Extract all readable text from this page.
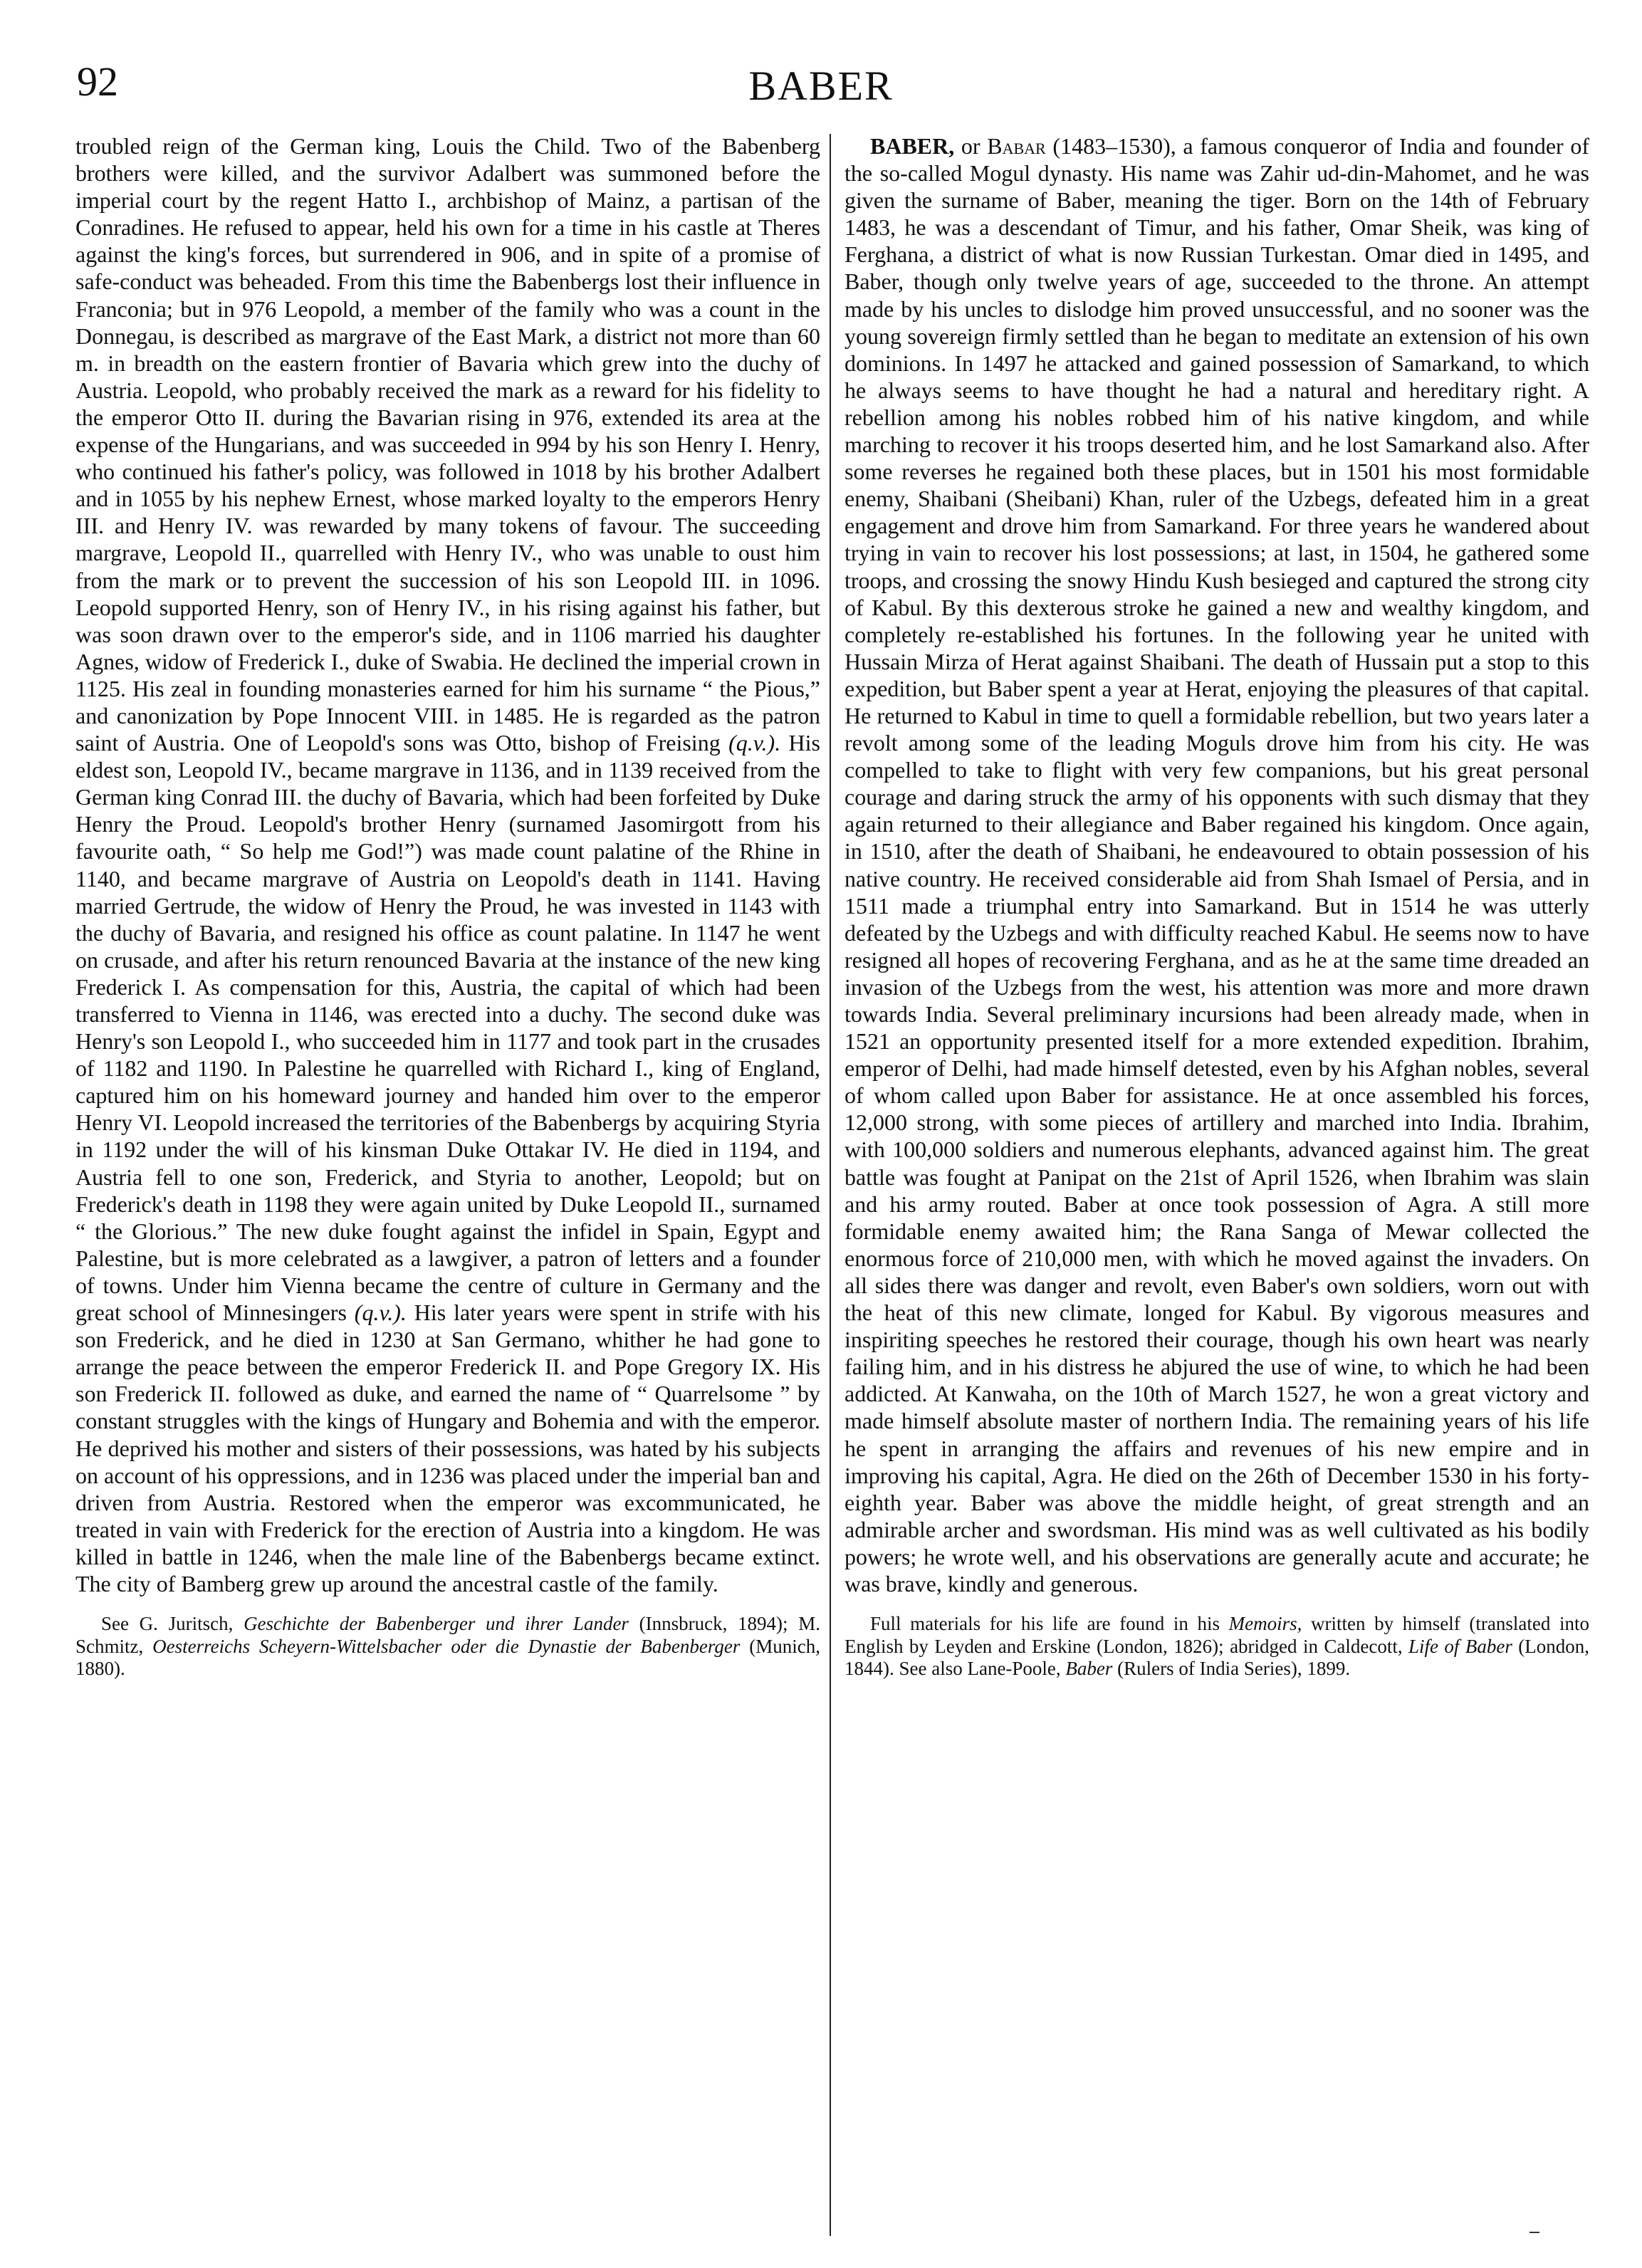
92	BABER

troubled reign of the German king, Louis the Child. Two of the Babenberg brothers were killed, and the survivor Adalbert was summoned before the imperial court by the regent Hatto I., archbishop of Mainz, a partisan of the Conradines. He refused to appear, held his own for a time in his castle at Theres against the king's forces, but surrendered in 906, and in spite of a promise of safe-conduct was beheaded. From this time the Babenbergs lost their influence in Franconia; but in 976 Leopold, a member of the family who was a count in the Donnegau, is described as margrave of the East Mark, a district not more than 60 m. in breadth on the eastern frontier of Bavaria which grew into the duchy of Austria. Leopold, who probably received the mark as a reward for his fidelity to the emperor Otto II. during the Bavarian rising in 976, extended its area at the expense of the Hungarians, and was succeeded in 994 by his son Henry I. Henry, who continued his father's policy, was followed in 1018 by his brother Adalbert and in 1055 by his nephew Ernest, whose marked loyalty to the emperors Henry III. and Henry IV. was rewarded by many tokens of favour. The succeeding margrave, Leopold II., quarrelled with Henry IV., who was unable to oust him from the mark or to prevent the succession of his son Leopold III. in 1096. Leopold supported Henry, son of Henry IV., in his rising against his father, but was soon drawn over to the emperor's side, and in 1106 married his daughter Agnes, widow of Frederick I., duke of Swabia. He declined the imperial crown in 1125. His zeal in founding monasteries earned for him his surname “ the Pious,” and canonization by Pope Innocent VIII. in 1485. He is regarded as the patron saint of Austria. One of Leopold's sons was Otto, bishop of Freising (q.v.). His eldest son, Leopold IV., became margrave in 1136, and in 1139 received from the German king Conrad III. the duchy of Bavaria, which had been forfeited by Duke Henry the Proud. Leopold's brother Henry (surnamed Jasomirgott from his favourite oath, “ So help me God!”) was made count palatine of the Rhine in 1140, and became margrave of Austria on Leopold's death in 1141. Having married Gertrude, the widow of Henry the Proud, he was invested in 1143 with the duchy of Bavaria, and resigned his office as count palatine. In 1147 he went on crusade, and after his return renounced Bavaria at the instance of the new king Frederick I. As compensation for this, Austria, the capital of which had been transferred to Vienna in 1146, was erected into a duchy. The second duke was Henry's son Leopold I., who succeeded him in 1177 and took part in the crusades of 1182 and 1190. In Palestine he quarrelled with Richard I., king of England, captured him on his homeward journey and handed him over to the emperor Henry VI. Leopold increased the territories of the Babenbergs by acquiring Styria in 1192 under the will of his kinsman Duke Ottakar IV. He died in 1194, and Austria fell to one son, Frederick, and Styria to another, Leopold; but on Frederick's death in 1198 they were again united by Duke Leopold II., surnamed “ the Glorious.” The new duke fought against the infidel in Spain, Egypt and Palestine, but is more celebrated as a lawgiver, a patron of letters and a founder of towns. Under him Vienna became the centre of culture in Germany and the great school of Minnesingers (q.v.). His later years were spent in strife with his son Frederick, and he died in 1230 at San Germano, whither he had gone to arrange the peace between the emperor Frederick II. and Pope Gregory IX. His son Frederick II. followed as duke, and earned the name of “ Quarrelsome ” by constant struggles with the kings of Hungary and Bohemia and with the emperor. He deprived his mother and sisters of their possessions, was hated by his subjects on account of his oppressions, and in 1236 was placed under the imperial ban and driven from Austria. Restored when the emperor was excommunicated, he treated in vain with Frederick for the erection of Austria into a kingdom. He was killed in battle in 1246, when the male line of the Babenbergs became extinct. The city of Bamberg grew up around the ancestral castle of the family.

See G. Juritsch, Geschichte der Babenberger und ihrer Lander (Innsbruck, 1894); M. Schmitz, Oesterreichs Scheyern-Wittelsbacher oder die Dynastie der Babenberger (Munich, 1880).

BABER, or Babar (1483–1530), a famous conqueror of India and founder of the so-called Mogul dynasty. His name was Zahir ud-din-Mahomet, and he was given the surname of Baber, meaning the tiger. Born on the 14th of February 1483, he was a descendant of Timur, and his father, Omar Sheik, was king of Ferghana, a district of what is now Russian Turkestan. Omar died in 1495, and Baber, though only twelve years of age, succeeded to the throne. An attempt made by his uncles to dislodge him proved unsuccessful, and no sooner was the young sovereign firmly settled than he began to meditate an extension of his own dominions. In 1497 he attacked and gained possession of Samarkand, to which he always seems to have thought he had a natural and hereditary right. A rebellion among his nobles robbed him of his native kingdom, and while marching to recover it his troops deserted him, and he lost Samarkand also. After some reverses he regained both these places, but in 1501 his most formidable enemy, Shaibani (Sheibani) Khan, ruler of the Uzbegs, defeated him in a great engagement and drove him from Samarkand. For three years he wandered about trying in vain to recover his lost possessions; at last, in 1504, he gathered some troops, and crossing the snowy Hindu Kush besieged and captured the strong city of Kabul. By this dexterous stroke he gained a new and wealthy kingdom, and completely re-established his fortunes. In the following year he united with Hussain Mirza of Herat against Shaibani. The death of Hussain put a stop to this expedition, but Baber spent a year at Herat, enjoying the pleasures of that capital. He returned to Kabul in time to quell a formidable rebellion, but two years later a revolt among some of the leading Moguls drove him from his city. He was compelled to take to flight with very few companions, but his great personal courage and daring struck the army of his opponents with such dismay that they again returned to their allegiance and Baber regained his kingdom. Once again, in 1510, after the death of Shaibani, he endeavoured to obtain possession of his native country. He received considerable aid from Shah Ismael of Persia, and in 1511 made a triumphal entry into Samarkand. But in 1514 he was utterly defeated by the Uzbegs and with difficulty reached Kabul. He seems now to have resigned all hopes of recovering Ferghana, and as he at the same time dreaded an invasion of the Uzbegs from the west, his attention was more and more drawn towards India. Several preliminary incursions had been already made, when in 1521 an opportunity presented itself for a more extended expedition. Ibrahim, emperor of Delhi, had made himself detested, even by his Afghan nobles, several of whom called upon Baber for assistance. He at once assembled his forces, 12,000 strong, with some pieces of artillery and marched into India. Ibrahim, with 100,000 soldiers and numerous elephants, advanced against him. The great battle was fought at Panipat on the 21st of April 1526, when Ibrahim was slain and his army routed. Baber at once took possession of Agra. A still more formidable enemy awaited him; the Rana Sanga of Mewar collected the enormous force of 210,000 men, with which he moved against the invaders. On all sides there was danger and revolt, even Baber's own soldiers, worn out with the heat of this new climate, longed for Kabul. By vigorous measures and inspiriting speeches he restored their courage, though his own heart was nearly failing him, and in his distress he abjured the use of wine, to which he had been addicted. At Kanwaha, on the 10th of March 1527, he won a great victory and made himself absolute master of northern India. The remaining years of his life he spent in arranging the affairs and revenues of his new empire and in improving his capital, Agra. He died on the 26th of December 1530 in his forty-eighth year. Baber was above the middle height, of great strength and an admirable archer and swordsman. His mind was as well cultivated as his bodily powers; he wrote well, and his observations are generally acute and accurate; he was brave, kindly and generous.

Full materials for his life are found in his Memoirs, written by himself (translated into English by Leyden and Erskine (London, 1826); abridged in Caldecott, Life of Baber (London, 1844). See also Lane-Poole, Baber (Rulers of India Series), 1899.
